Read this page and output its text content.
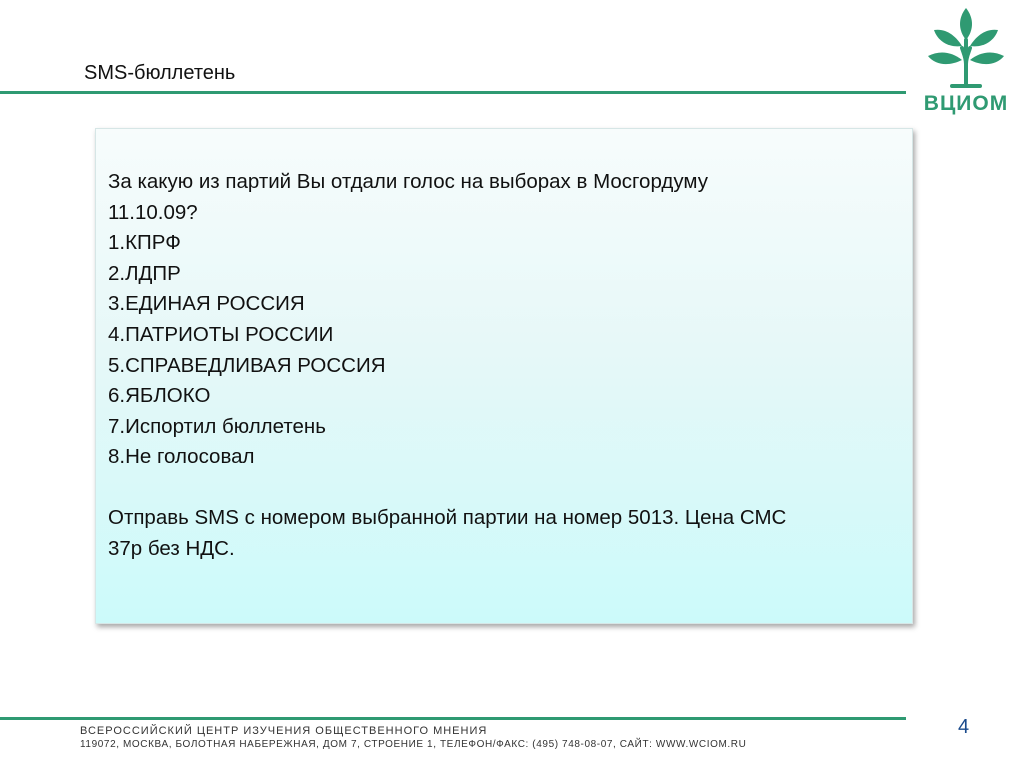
SMS-бюллетень
ВЦИОМ

За какую из партий Вы отдали голос на выборах в Мосгордуму

11.10.09?

1.КПРФ

2.ЛДПР

3.ЕДИНАЯ РОССИЯ

4.ПАТРИОТЫ РОССИИ

5.СПРАВЕДЛИВАЯ РОССИЯ

6.ЯБЛОКО

7.Испортил бюллетень

8.Не голосовал

Отправь SMS с номером выбранной партии на номер 5013. Цена СМС

37р без НДС.

ВСЕРОССИЙСКИЙ ЦЕНТР ИЗУЧЕНИЯ ОБЩЕСТВЕННОГО МНЕНИЯ
119072, МОСКВА, БОЛОТНАЯ НАБЕРЕЖНАЯ, ДОМ 7, СТРОЕНИЕ 1, ТЕЛЕФОН/ФАКС: (495) 748-08-07, САЙТ: WWW.WCIOM.RU
4
